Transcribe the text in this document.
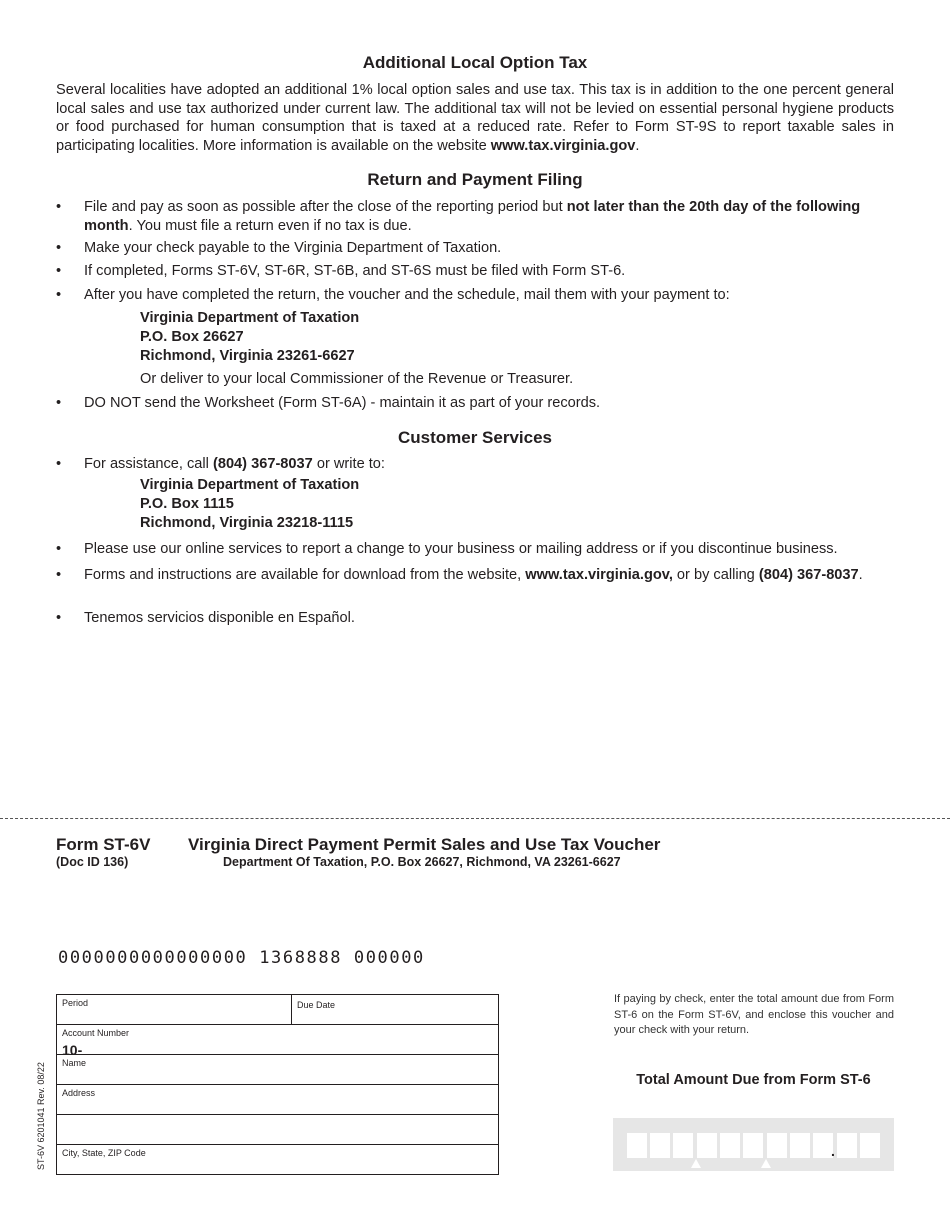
Additional Local Option Tax
Several localities have adopted an additional 1% local option sales and use tax. This tax is in addition to the one percent general local sales and use tax authorized under current law. The additional tax will not be levied on essential personal hygiene products or food purchased for human consumption that is taxed at a reduced rate. Refer to Form ST-9S to report taxable sales in participating localities. More information is available on the website www.tax.virginia.gov.
Return and Payment Filing
• File and pay as soon as possible after the close of the reporting period but not later than the 20th day of the following month. You must file a return even if no tax is due.
• Make your check payable to the Virginia Department of Taxation.
• If completed, Forms ST-6V, ST-6R, ST-6B, and ST-6S must be filed with Form ST-6.
• After you have completed the return, the voucher and the schedule, mail them with your payment to:
Virginia Department of Taxation
P.O. Box 26627
Richmond, Virginia 23261-6627
Or deliver to your local Commissioner of the Revenue or Treasurer.
• DO NOT send the Worksheet (Form ST-6A) - maintain it as part of your records.
Customer Services
• For assistance, call (804) 367-8037 or write to:
Virginia Department of Taxation
P.O. Box 1115
Richmond, Virginia 23218-1115
• Please use our online services to report a change to your business or mailing address or if you discontinue business.
• Forms and instructions are available for download from the website, www.tax.virginia.gov, or by calling (804) 367-8037.
• Tenemos servicios disponible en Español.
Form ST-6V
(Doc ID 136)
Virginia Direct Payment Permit Sales and Use Tax Voucher
Department Of Taxation, P.O. Box 26627, Richmond, VA 23261-6627
0000000000000000 1368888 000000
ST-6V 6201041 Rev. 08/22
Period	Due Date
Account Number
10-
Name
Address
City, State, ZIP Code
If paying by check, enter the total amount due from Form ST-6 on the Form ST-6V, and enclose this voucher and your check with your return.
Total Amount Due from Form ST-6
.
